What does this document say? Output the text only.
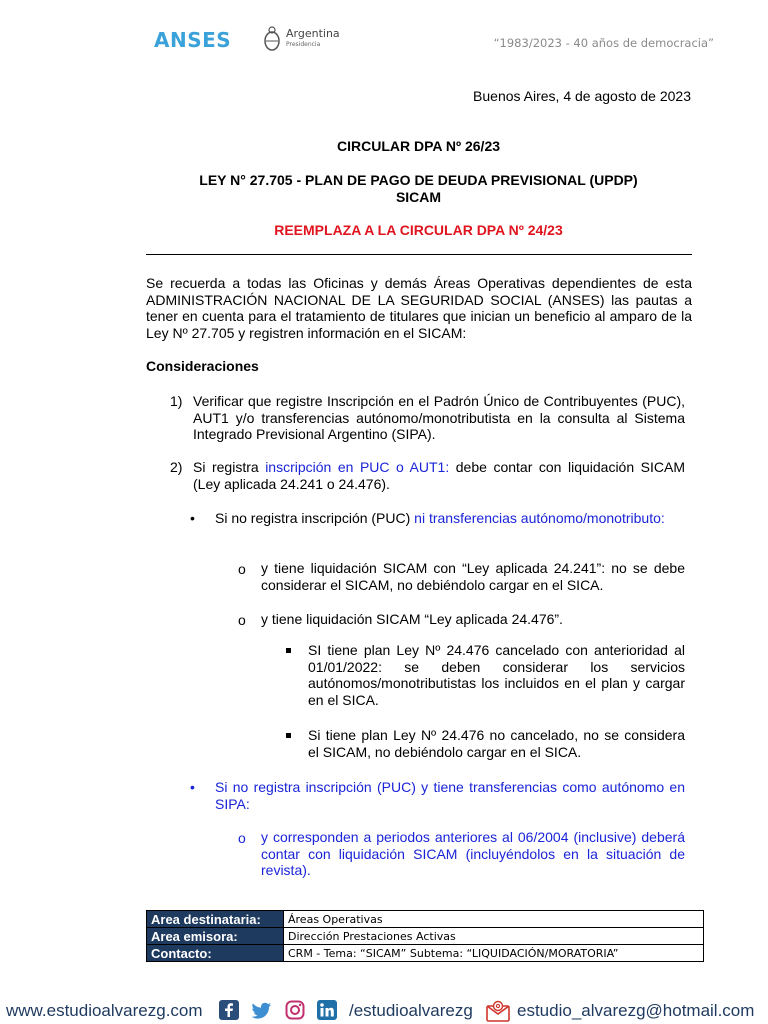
ANSES	Argentina
Presidencia	“1983/2023 - 40 años de democracia”
Buenos Aires, 4 de agosto de 2023
CIRCULAR DPA Nº 26/23
LEY N° 27.705 - PLAN DE PAGO DE DEUDA PREVISIONAL (UPDP)
SICAM
REEMPLAZA A LA CIRCULAR DPA Nº 24/23
Se recuerda a todas las Oficinas y demás Áreas Operativas dependientes de esta ADMINISTRACIÓN NACIONAL DE LA SEGURIDAD SOCIAL (ANSES) las pautas a tener en cuenta para el tratamiento de titulares que inician un beneficio al amparo de la Ley Nº 27.705 y registren información en el SICAM:
Consideraciones
1) Verificar que registre Inscripción en el Padrón Único de Contribuyentes (PUC), AUT1 y/o transferencias autónomo/monotributista en la consulta al Sistema Integrado Previsional Argentino (SIPA).
2) Si registra inscripción en PUC o AUT1: debe contar con liquidación SICAM (Ley aplicada 24.241 o 24.476).
• Si no registra inscripción (PUC) ni transferencias autónomo/monotributo:
o y tiene liquidación SICAM con “Ley aplicada 24.241”: no se debe considerar el SICAM, no debiéndolo cargar en el SICA.
o y tiene liquidación SICAM “Ley aplicada 24.476”.
SI tiene plan Ley Nº 24.476 cancelado con anterioridad al 01/01/2022: se deben considerar los servicios autónomos/monotributistas los incluidos en el plan y cargar en el SICA.
Si tiene plan Ley Nº 24.476 no cancelado, no se considera el SICAM, no debiéndolo cargar en el SICA.
• Si no registra inscripción (PUC) y tiene transferencias como autónomo en SIPA:
o y corresponden a periodos anteriores al 06/2004 (inclusive) deberá contar con liquidación SICAM (incluyéndolos en la situación de revista).
Area destinataria:	Áreas Operativas
Area emisora:	Dirección Prestaciones Activas
Contacto:	CRM - Tema: “SICAM” Subtema: “LIQUIDACIÓN/MORATORIA”
www.estudioalvarezg.com	/estudioalvarezg	estudio_alvarezg@hotmail.com
